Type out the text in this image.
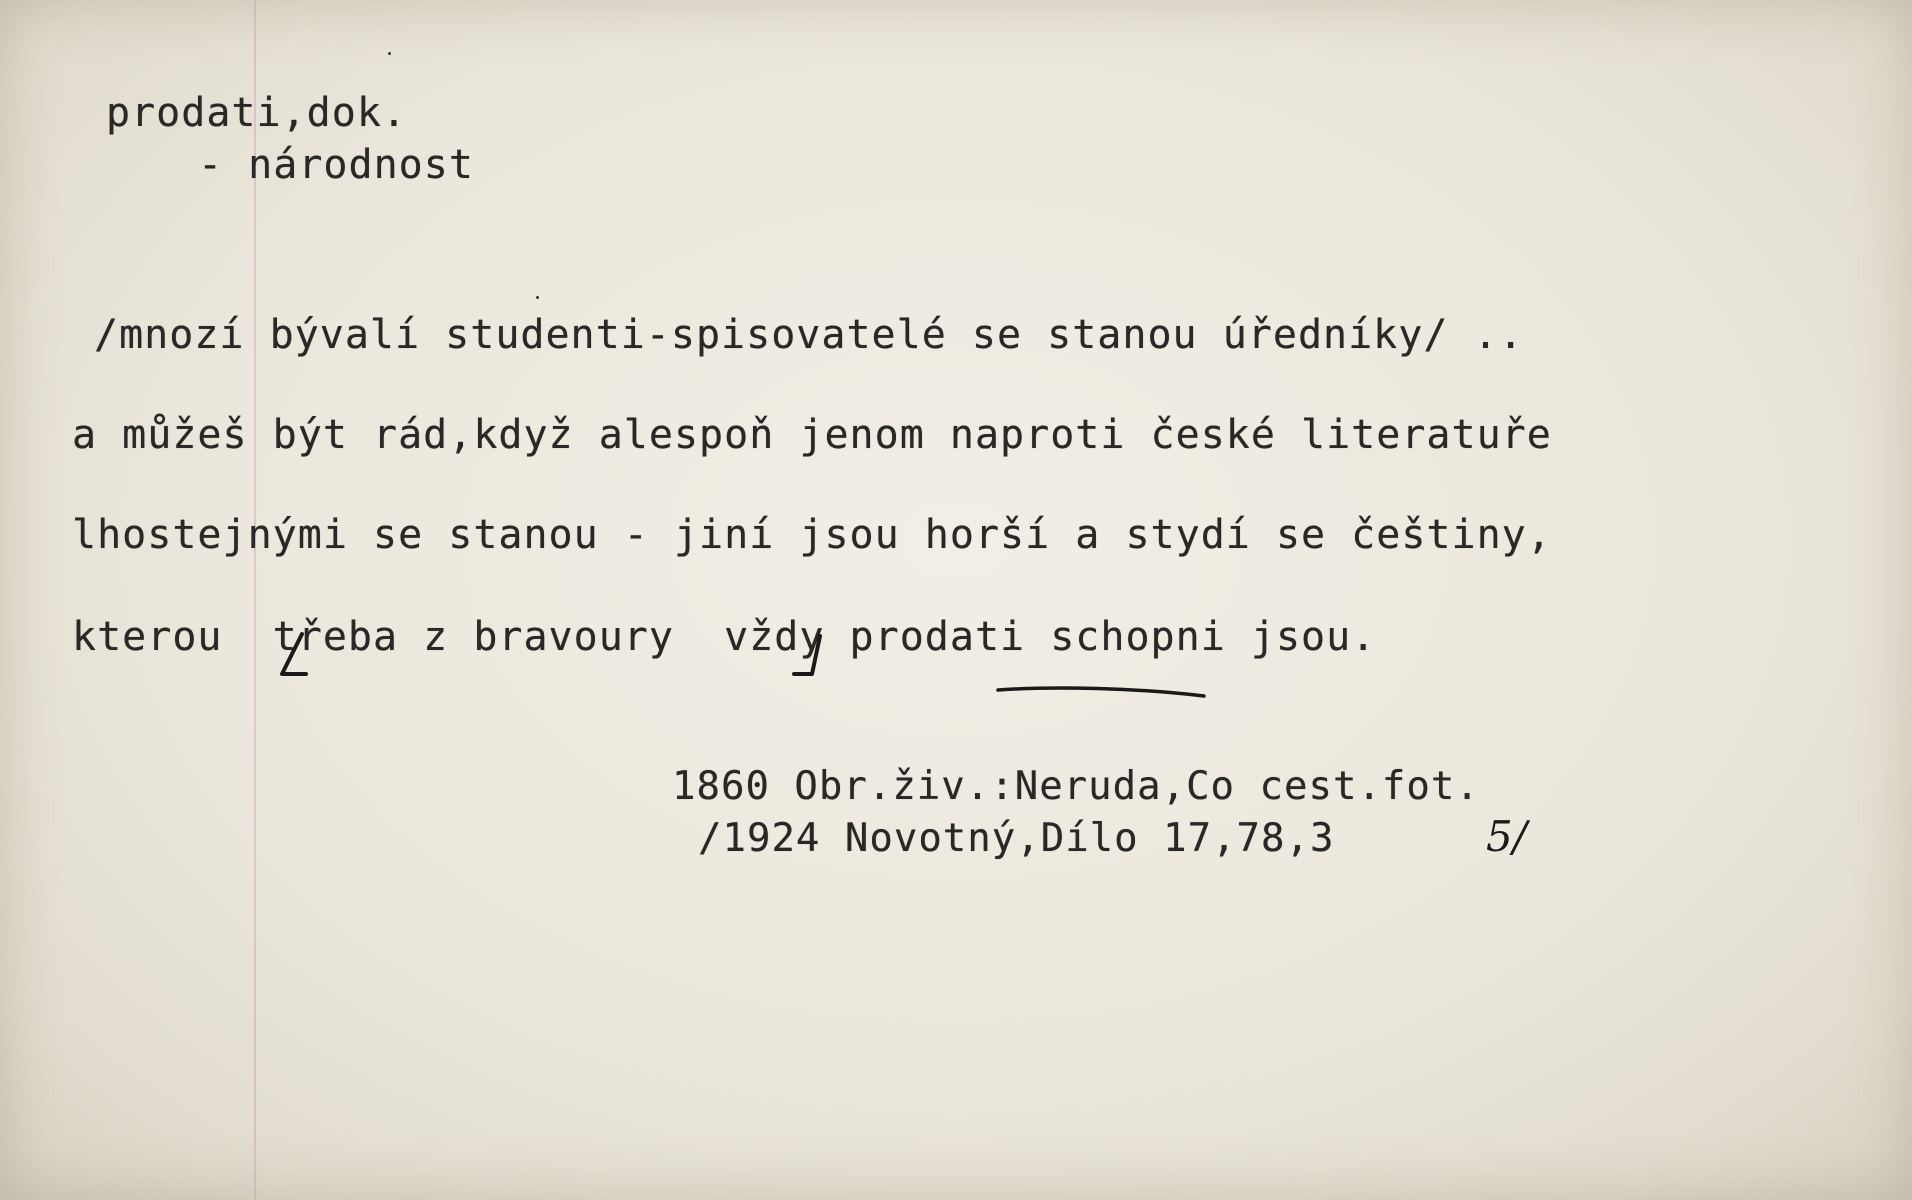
prodati,dok.
- národnost
/mnozí bývalí studenti-spisovatelé se stanou úředníky/ ..
a můžeš být rád,když alespoň jenom naproti české literatuře
lhostejnými se stanou - jiní jsou horší a stydí se češtiny,
kterou  třeba z bravoury  vždy prodati schopni jsou.
1860 Obr.živ.:Neruda,Co cest.fot.
/1924 Novotný,Dílo 17,78,3	5/
